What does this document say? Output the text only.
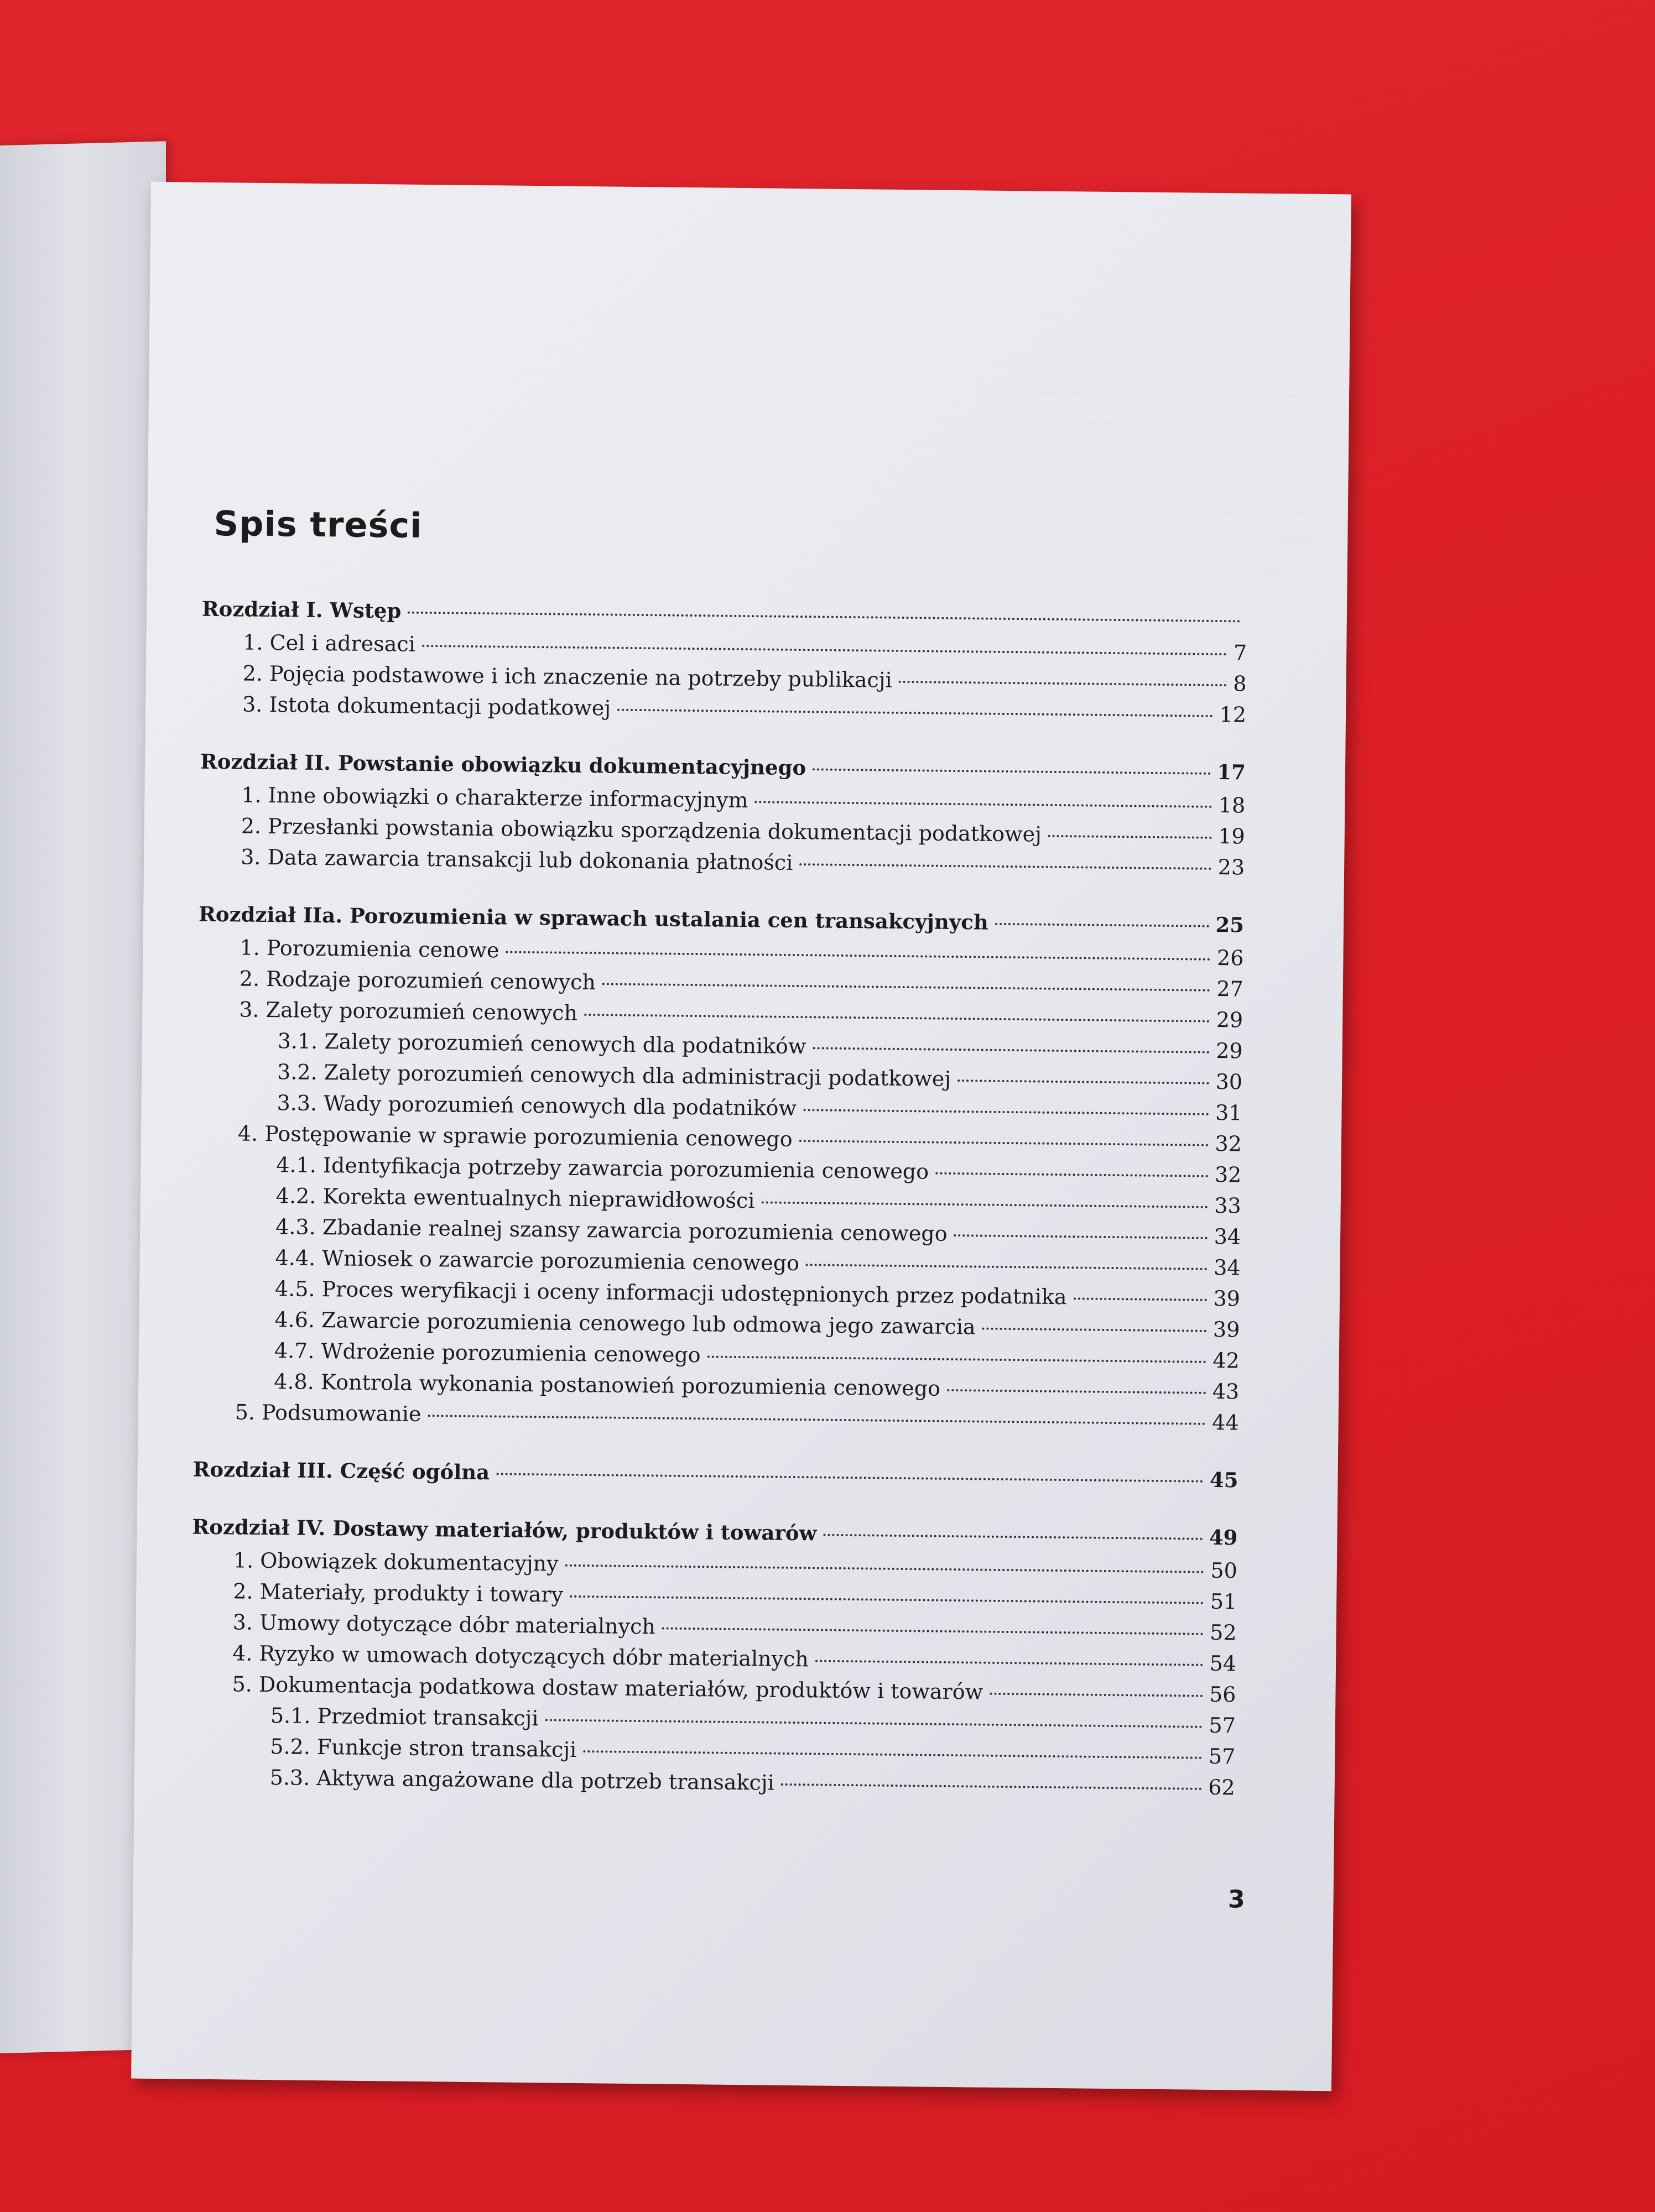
Spis treści
Rozdział I. Wstęp
1. Cel i adresaci	7
2. Pojęcia podstawowe i ich znaczenie na potrzeby publikacji	8
3. Istota dokumentacji podatkowej	12
Rozdział II. Powstanie obowiązku dokumentacyjnego	17
1. Inne obowiązki o charakterze informacyjnym	18
2. Przesłanki powstania obowiązku sporządzenia dokumentacji podatkowej	19
3. Data zawarcia transakcji lub dokonania płatności	23
Rozdział IIa. Porozumienia w sprawach ustalania cen transakcyjnych	25
1. Porozumienia cenowe	26
2. Rodzaje porozumień cenowych	27
3. Zalety porozumień cenowych	29
3.1. Zalety porozumień cenowych dla podatników	29
3.2. Zalety porozumień cenowych dla administracji podatkowej	30
3.3. Wady porozumień cenowych dla podatników	31
4. Postępowanie w sprawie porozumienia cenowego	32
4.1. Identyfikacja potrzeby zawarcia porozumienia cenowego	32
4.2. Korekta ewentualnych nieprawidłowości	33
4.3. Zbadanie realnej szansy zawarcia porozumienia cenowego	34
4.4. Wniosek o zawarcie porozumienia cenowego	34
4.5. Proces weryfikacji i oceny informacji udostępnionych przez podatnika	39
4.6. Zawarcie porozumienia cenowego lub odmowa jego zawarcia	39
4.7. Wdrożenie porozumienia cenowego	42
4.8. Kontrola wykonania postanowień porozumienia cenowego	43
5. Podsumowanie	44
Rozdział III. Część ogólna	45
Rozdział IV. Dostawy materiałów, produktów i towarów	49
1. Obowiązek dokumentacyjny	50
2. Materiały, produkty i towary	51
3. Umowy dotyczące dóbr materialnych	52
4. Ryzyko w umowach dotyczących dóbr materialnych	54
5. Dokumentacja podatkowa dostaw materiałów, produktów i towarów	56
5.1. Przedmiot transakcji	57
5.2. Funkcje stron transakcji	57
5.3. Aktywa angażowane dla potrzeb transakcji	62
3
